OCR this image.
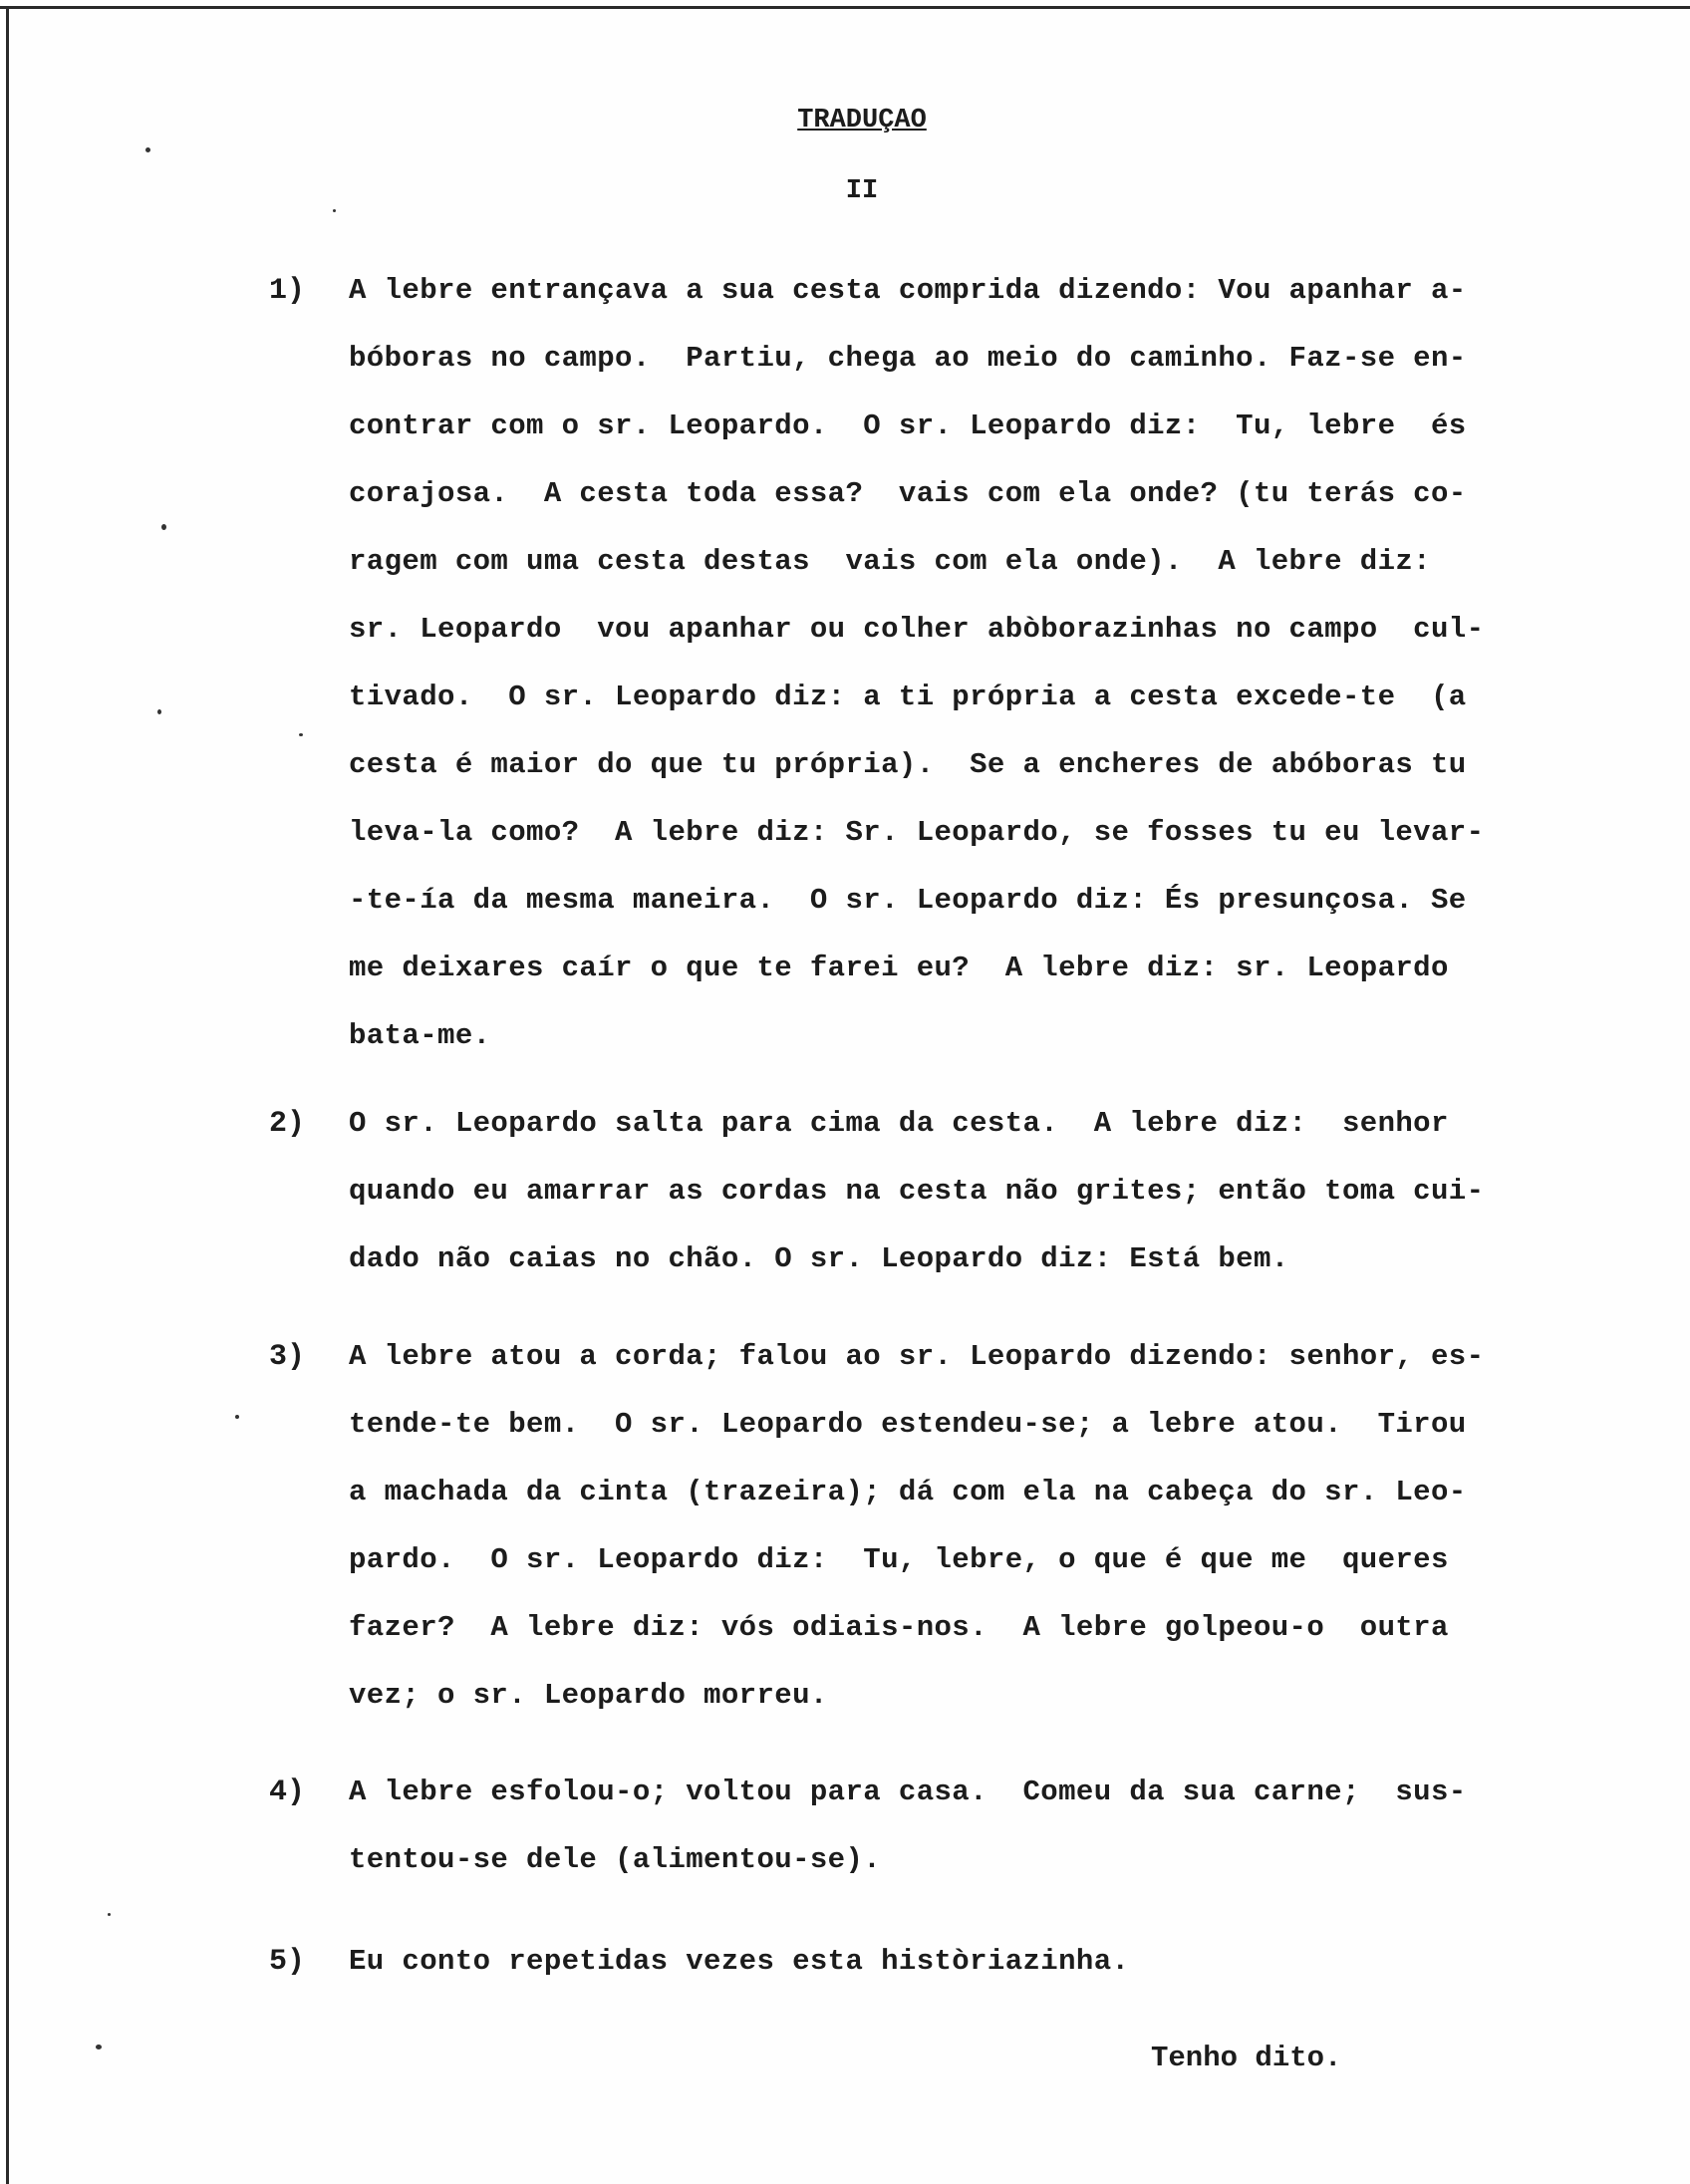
TRADUÇAO
II
1) A lebre entrançava a sua cesta comprida dizendo: Vou apanhar a-
bóboras no campo.  Partiu, chega ao meio do caminho. Faz-se en-
contrar com o sr. Leopardo.  O sr. Leopardo diz:  Tu, lebre  és
corajosa.  A cesta toda essa?  vais com ela onde? (tu terás co-
ragem com uma cesta destas  vais com ela onde).  A lebre diz:
sr. Leopardo  vou apanhar ou colher abòborazinhas no campo  cul-
tivado.  O sr. Leopardo diz: a ti própria a cesta excede-te  (a
cesta é maior do que tu própria).  Se a encheres de abóboras tu
leva-la como?  A lebre diz: Sr. Leopardo, se fosses tu eu levar-
-te-ía da mesma maneira.  O sr. Leopardo diz: És presunçosa. Se
me deixares caír o que te farei eu?  A lebre diz: sr. Leopardo
bata-me.
2) O sr. Leopardo salta para cima da cesta.  A lebre diz:  senhor
quando eu amarrar as cordas na cesta não grites; então toma cui-
dado não caias no chão. O sr. Leopardo diz: Está bem.
3) A lebre atou a corda; falou ao sr. Leopardo dizendo: senhor, es-
tende-te bem.  O sr. Leopardo estendeu-se; a lebre atou.  Tirou
a machada da cinta (trazeira); dá com ela na cabeça do sr. Leo-
pardo.  O sr. Leopardo diz:  Tu, lebre, o que é que me  queres
fazer?  A lebre diz: vós odiais-nos.  A lebre golpeou-o  outra
vez; o sr. Leopardo morreu.
4) A lebre esfolou-o; voltou para casa.  Comeu da sua carne;  sus-
tentou-se dele (alimentou-se).
5) Eu conto repetidas vezes esta històriazinha.
Tenho dito.
